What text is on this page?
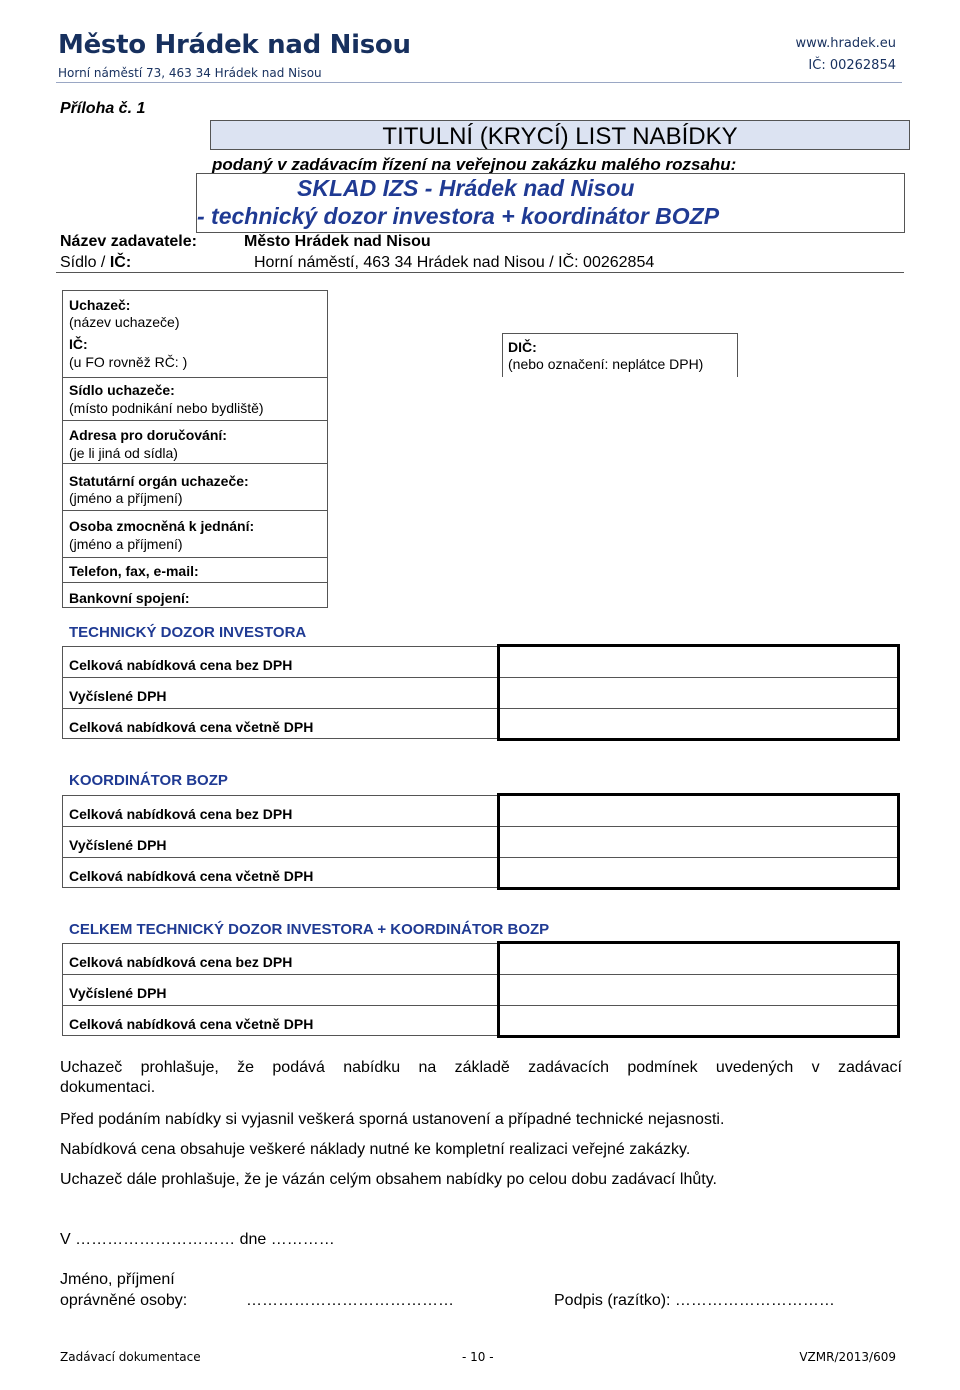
Město Hrádek nad Nisou
Horní náměstí 73, 463 34 Hrádek nad Nisou
www.hradek.eu
IČ: 00262854
Příloha č. 1
TITULNÍ (KRYCÍ) LIST NABÍDKY
podaný v zadávacím řízení na veřejnou zakázku malého rozsahu:
SKLAD IZS - Hrádek nad Nisou
- technický dozor investora + koordinátor BOZP
Název zadavatele:	Město Hrádek nad Nisou
Sídlo / IČ:	Horní náměstí, 463 34 Hrádek nad Nisou / IČ: 00262854
Uchazeč:
(název uchazeče)
IČ:
(u FO rovněž RČ: )
DIČ:
(nebo označení: neplátce DPH)
Sídlo uchazeče:
(místo podnikání nebo bydliště)
Adresa pro doručování:
(je li jiná od sídla)
Statutární orgán uchazeče:
(jméno a příjmení)
Osoba zmocněná k jednání:
(jméno a příjmení)
Telefon, fax, e-mail:
Bankovní spojení:
TECHNICKÝ DOZOR INVESTORA
Celková nabídková cena bez DPH
Vyčíslené DPH
Celková nabídková cena včetně DPH
KOORDINÁTOR BOZP
Celková nabídková cena bez DPH
Vyčíslené DPH
Celková nabídková cena včetně DPH
CELKEM TECHNICKÝ DOZOR INVESTORA + KOORDINÁTOR BOZP
Celková nabídková cena bez DPH
Vyčíslené DPH
Celková nabídková cena včetně DPH
Uchazeč prohlašuje, že podává nabídku na základě zadávacích podmínek uvedených v zadávací
dokumentaci.
Před podáním nabídky si vyjasnil veškerá sporná ustanovení a případné technické nejasnosti.
Nabídková cena obsahuje veškeré náklady nutné ke kompletní realizaci veřejné zakázky.
Uchazeč dále prohlašuje, že je vázán celým obsahem nabídky po celou dobu zadávací lhůty.
V ………………………… dne …………
Jméno, příjmení
oprávněné osoby:	…………………………………	Podpis (razítko): …………………………
Zadávací dokumentace	- 10 -	VZMR/2013/609
